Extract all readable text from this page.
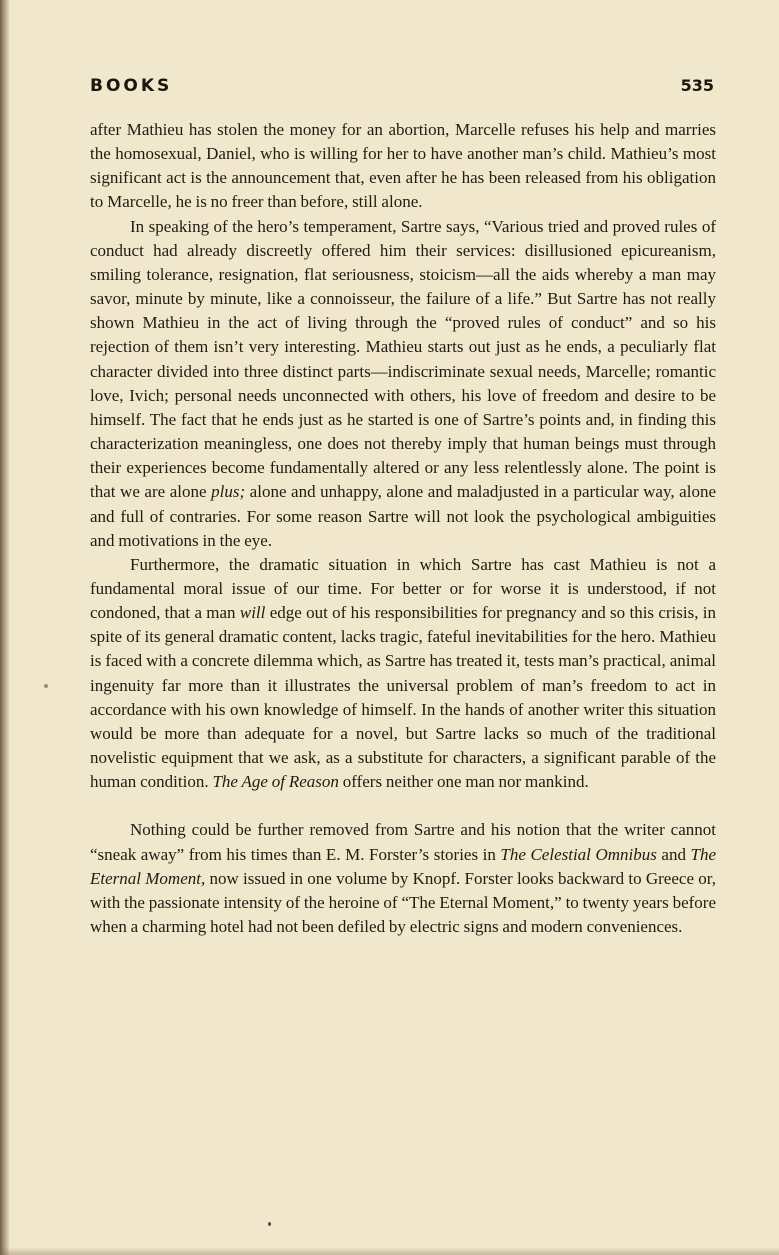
BOOKS	535

after Mathieu has stolen the money for an abortion, Marcelle refuses his help and marries the homosexual, Daniel, who is willing for her to have another man’s child. Mathieu’s most significant act is the announcement that, even after he has been released from his obligation to Marcelle, he is no freer than before, still alone.

In speaking of the hero’s temperament, Sartre says, “Various tried and proved rules of conduct had already discreetly offered him their services: disillusioned epicureanism, smiling tolerance, resignation, flat seriousness, stoicism—all the aids whereby a man may savor, minute by minute, like a connoisseur, the failure of a life.” But Sartre has not really shown Mathieu in the act of living through the “proved rules of conduct” and so his rejection of them isn’t very interesting. Mathieu starts out just as he ends, a peculiarly flat character divided into three distinct parts—indiscriminate sexual needs, Marcelle; romantic love, Ivich; personal needs unconnected with others, his love of freedom and desire to be himself. The fact that he ends just as he started is one of Sartre’s points and, in finding this characterization meaningless, one does not thereby imply that human beings must through their experiences become fundamentally altered or any less relentlessly alone. The point is that we are alone plus; alone and unhappy, alone and maladjusted in a particular way, alone and full of contraries. For some reason Sartre will not look the psychological ambiguities and motivations in the eye.

Furthermore, the dramatic situation in which Sartre has cast Mathieu is not a fundamental moral issue of our time. For better or for worse it is understood, if not condoned, that a man will edge out of his responsibilities for pregnancy and so this crisis, in spite of its general dramatic content, lacks tragic, fateful inevitabilities for the hero. Mathieu is faced with a concrete dilemma which, as Sartre has treated it, tests man’s practical, animal ingenuity far more than it illustrates the universal problem of man’s freedom to act in accordance with his own knowledge of himself. In the hands of another writer this situation would be more than adequate for a novel, but Sartre lacks so much of the traditional novelistic equipment that we ask, as a substitute for characters, a significant parable of the human condition. The Age of Reason offers neither one man nor mankind.

Nothing could be further removed from Sartre and his notion that the writer cannot “sneak away” from his times than E. M. Forster’s stories in The Celestial Omnibus and The Eternal Moment, now issued in one volume by Knopf. Forster looks backward to Greece or, with the passionate intensity of the heroine of “The Eternal Moment,” to twenty years before when a charming hotel had not been defiled by electric signs and modern conveniences.
